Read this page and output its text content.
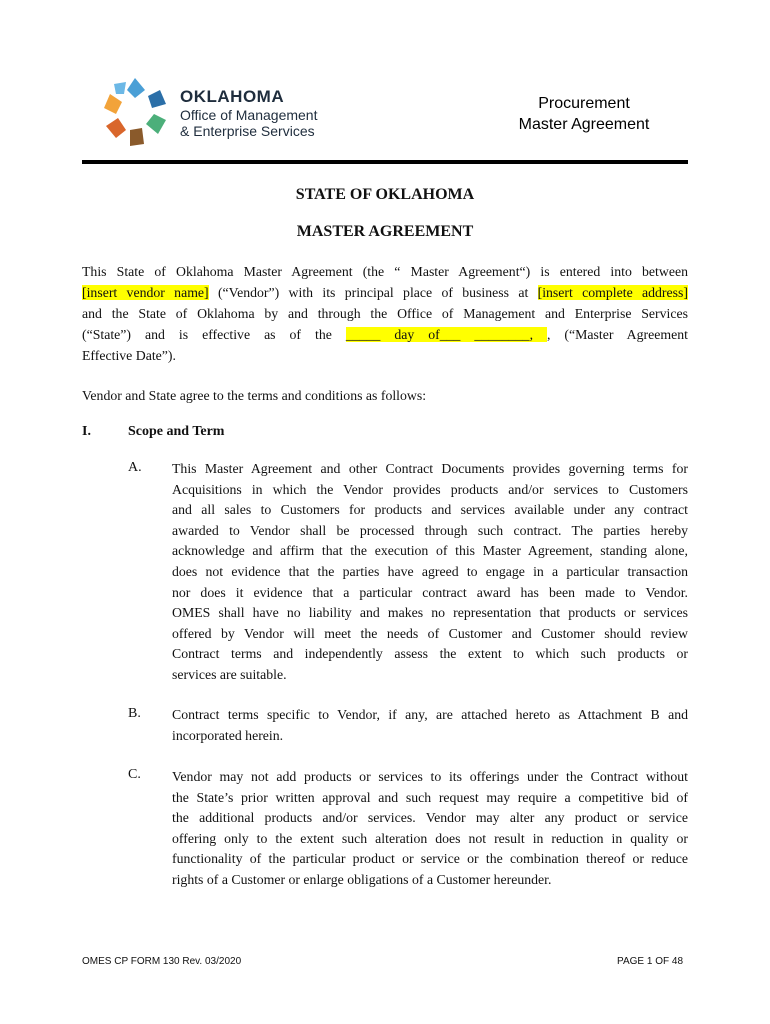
OKLAHOMA
Office of Management
& Enterprise Services
Procurement
Master Agreement
STATE OF OKLAHOMA
MASTER AGREEMENT
This State of Oklahoma Master Agreement (the “ Master Agreement“) is entered into between
[insert vendor name] (“Vendor”) with its principal place of business at [insert complete address]
and the State of Oklahoma by and through the Office of Management and Enterprise Services
(“State”) and is effective as of the _____ day of___ ________, , (“Master Agreement
Effective Date”).
Vendor and State agree to the terms and conditions as follows:
I.	Scope and Term
A. This Master Agreement and other Contract Documents provides governing terms for
Acquisitions in which the Vendor provides products and/or services to Customers
and all sales to Customers for products and services available under any contract
awarded to Vendor shall be processed through such contract. The parties hereby
acknowledge and affirm that the execution of this Master Agreement, standing alone,
does not evidence that the parties have agreed to engage in a particular transaction
nor does it evidence that a particular contract award has been made to Vendor.
OMES shall have no liability and makes no representation that products or services
offered by Vendor will meet the needs of Customer and Customer should review
Contract terms and independently assess the extent to which such products or
services are suitable.
B. Contract terms specific to Vendor, if any, are attached hereto as Attachment B and
incorporated herein.
C. Vendor may not add products or services to its offerings under the Contract without
the State’s prior written approval and such request may require a competitive bid of
the additional products and/or services. Vendor may alter any product or service
offering only to the extent such alteration does not result in reduction in quality or
functionality of the particular product or service or the combination thereof or reduce
rights of a Customer or enlarge obligations of a Customer hereunder.
OMES CP FORM 130 Rev. 03/2020	PAGE 1 OF 48
